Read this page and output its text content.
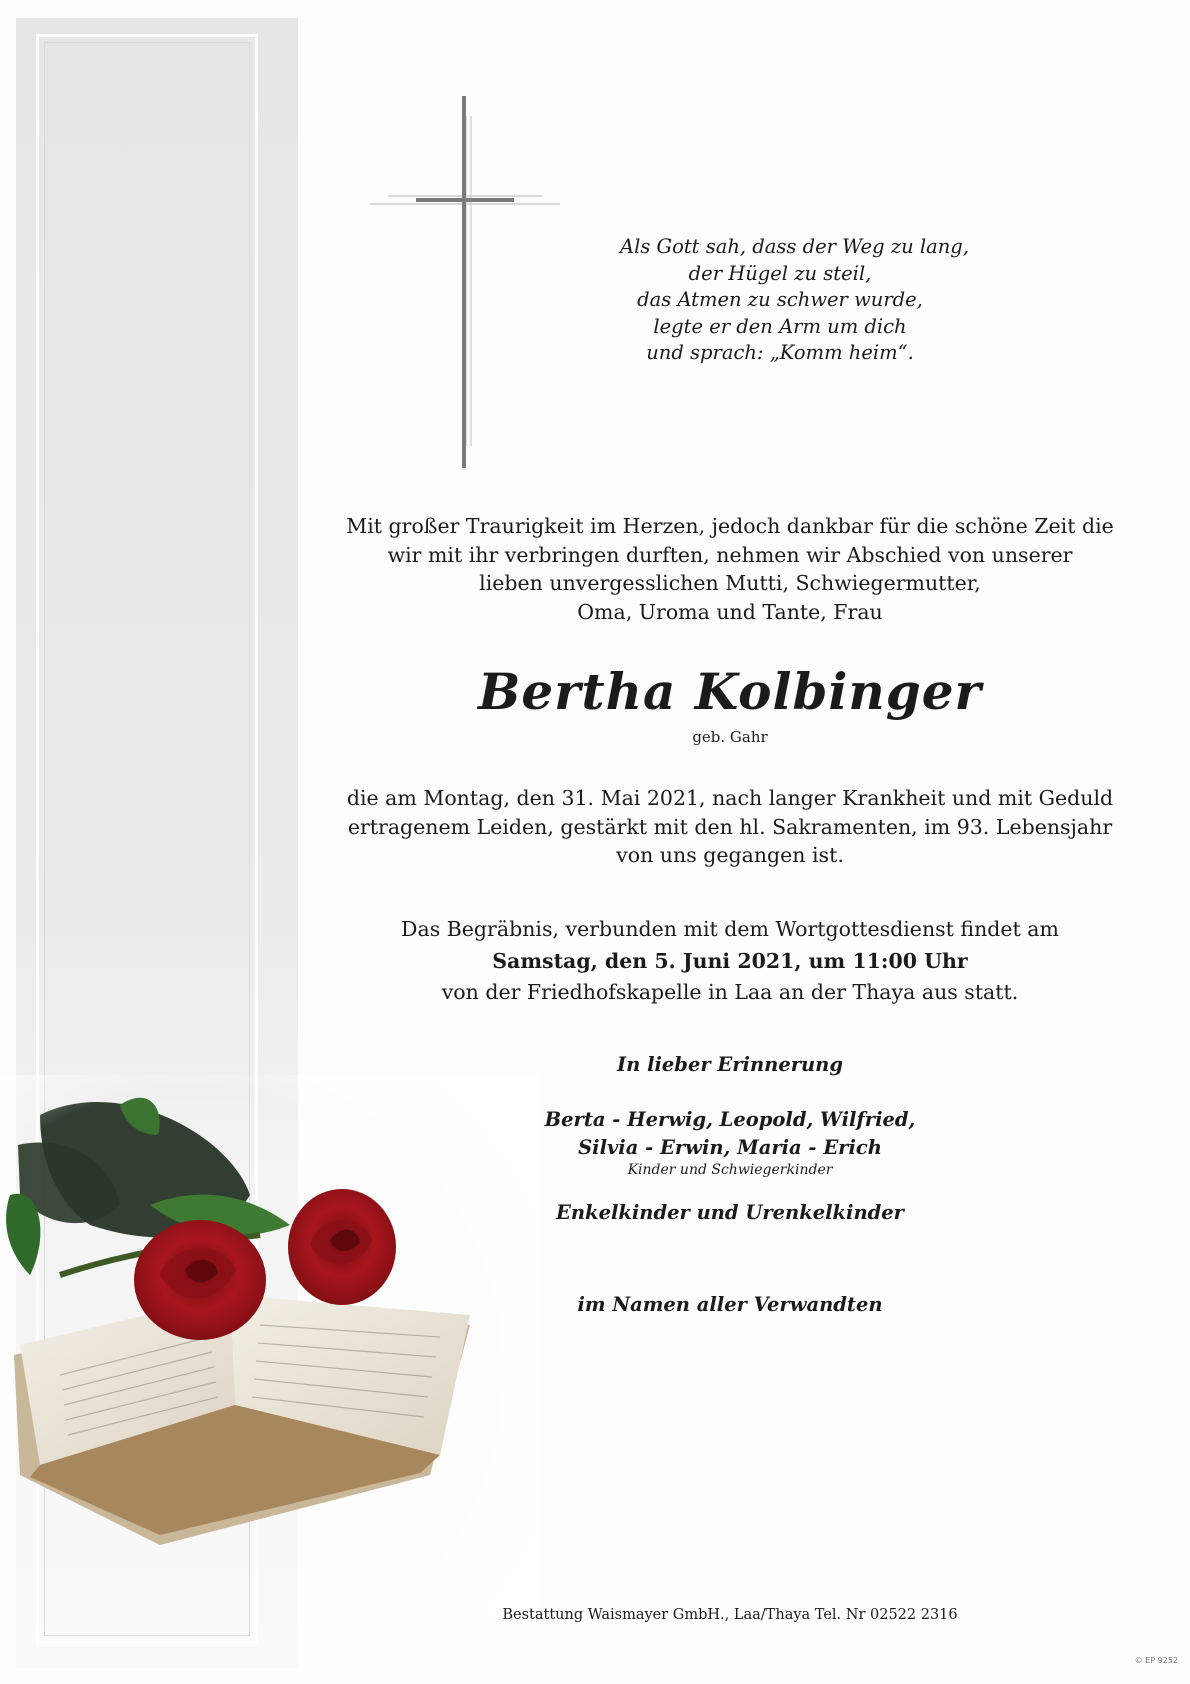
Als Gott sah, dass der Weg zu lang,
der Hügel zu steil,
das Atmen zu schwer wurde,
legte er den Arm um dich
und sprach: „Komm heim“.
Mit großer Traurigkeit im Herzen, jedoch dankbar für die schöne Zeit die
wir mit ihr verbringen durften, nehmen wir Abschied von unserer
lieben unvergesslichen Mutti, Schwiegermutter,
Oma, Uroma und Tante, Frau
Bertha Kolbinger
geb. Gahr
die am Montag, den 31. Mai 2021, nach langer Krankheit und mit Geduld
ertragenem Leiden, gestärkt mit den hl. Sakramenten, im 93. Lebensjahr
von uns gegangen ist.
Das Begräbnis, verbunden mit dem Wortgottesdienst findet am
Samstag, den 5. Juni 2021, um 11:00 Uhr
von der Friedhofskapelle in Laa an der Thaya aus statt.
In lieber Erinnerung
Berta - Herwig, Leopold, Wilfried,
Silvia - Erwin, Maria - Erich
Kinder und Schwiegerkinder
Enkelkinder und Urenkelkinder
im Namen aller Verwandten
Bestattung Waismayer GmbH., Laa/Thaya Tel. Nr 02522 2316
© EP 9252
